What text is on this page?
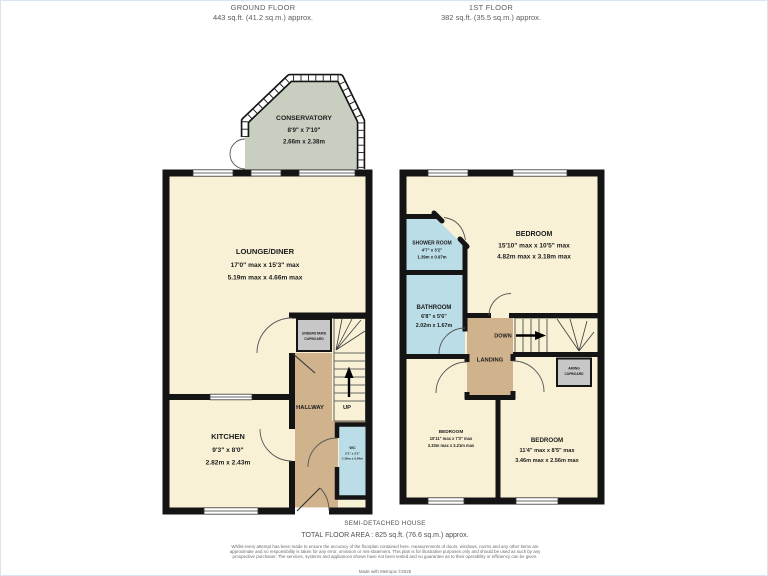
GROUND FLOOR
443 sq.ft. (41.2 sq.m.) approx.
1ST FLOOR
382 sq.ft. (35.5 sq.m.) approx.
CONSERVATORY
8'9" x 7'10"
2.66m x 2.38m
LOUNGE/DINER
17'0" max x 15'3" max
5.19m max x 4.66m max
KITCHEN
9'3" x 8'0"
2.82m x 2.43m
HALLWAY	UP
UNDERSTAIRS
CUPBOARD
WC
5'1" x 2'1"
1.56m x 0.64m
SHOWER ROOM
4'7" x 3'2"
1.39m x 0.97m
BATHROOM
6'8" x 5'6"
2.02m x 1.67m
BEDROOM
15'10" max x 10'5" max
4.82m max x 3.18m max
BEDROOM
10'11" max x 7'3" max
3.33m max x 2.21m max
BEDROOM
11'4" max x 8'5" max
3.46m max x 2.56m max
LANDING
DOWN
AIRING
CUPBOARD
SEMI-DETACHED HOUSE
TOTAL FLOOR AREA : 825 sq.ft. (76.6 sq.m.) approx.
Whilst every attempt has been made to ensure the accuracy of the floorplan contained here, measurements of doors, windows, rooms and any other items are approximate and no responsibility is taken for any error, omission or mis-statement. This plan is for illustrative purposes only and should be used as such by any prospective purchaser. The services, systems and appliances shown have not been tested and no guarantee as to their operability or efficiency can be given.
Made with Metropix ©2025
